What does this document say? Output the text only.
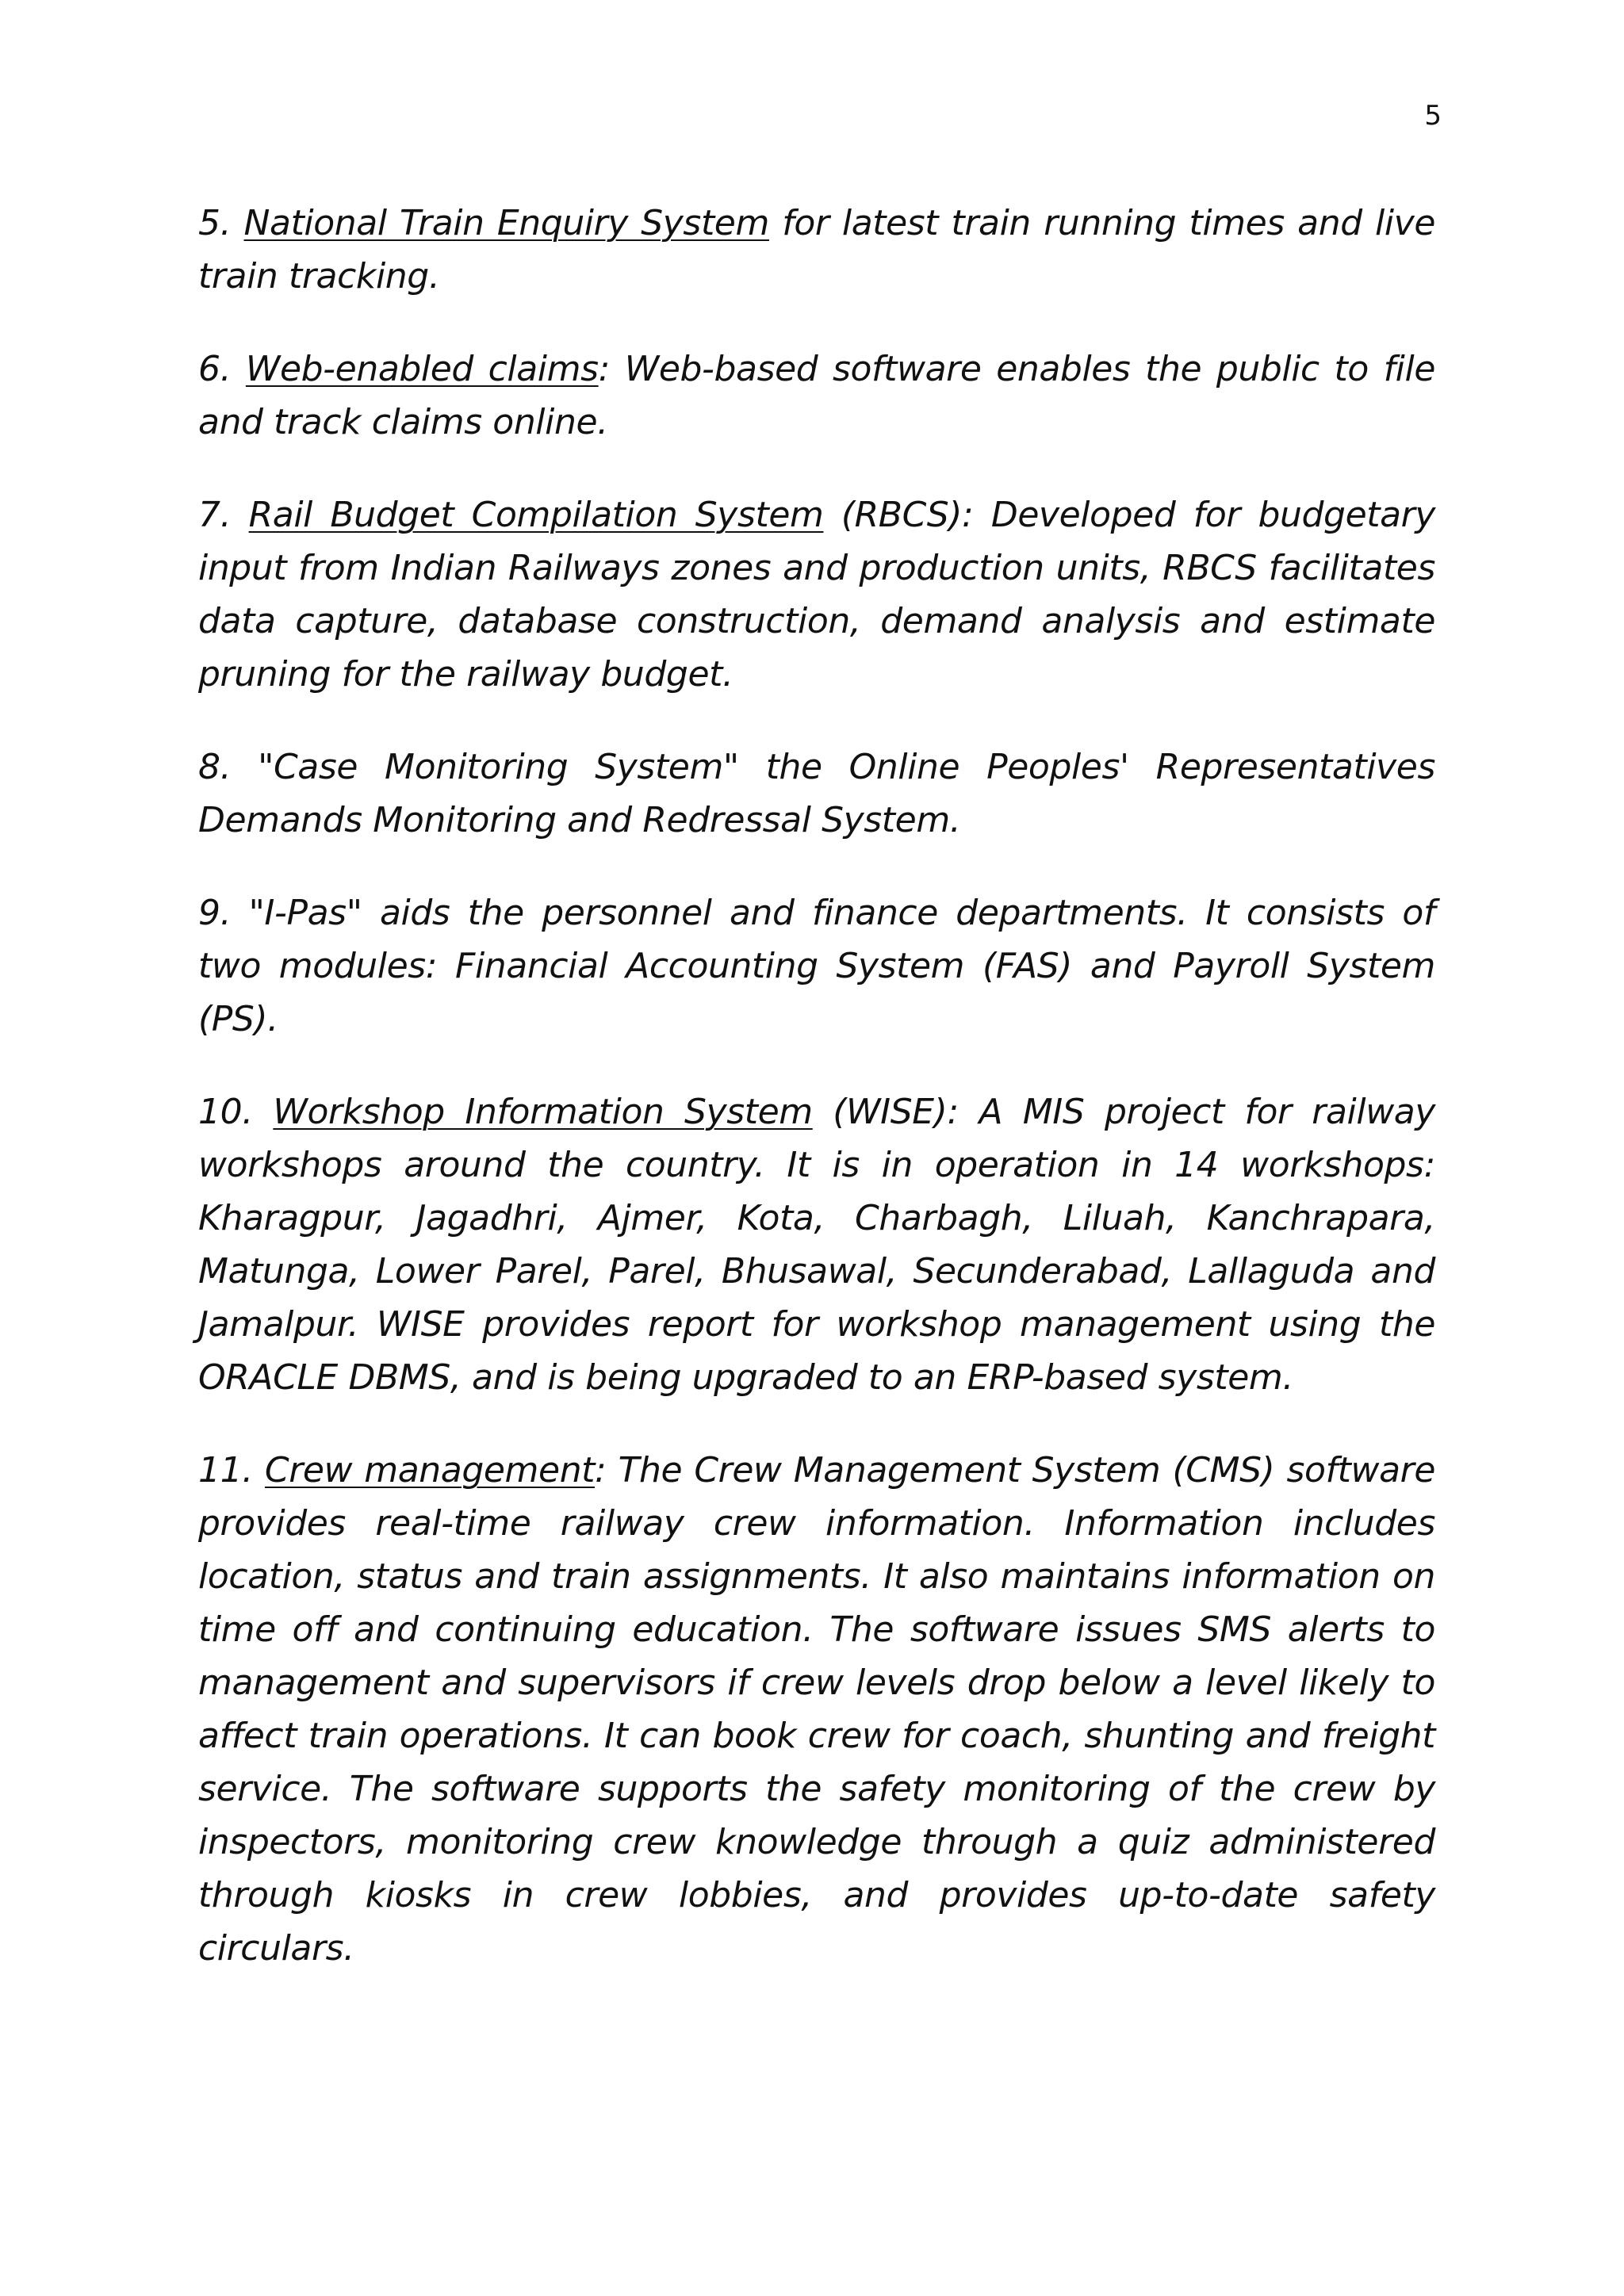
5

5. National Train Enquiry System for latest train running times and live train tracking.

6. Web-enabled claims: Web-based software enables the public to file and track claims online.

7. Rail Budget Compilation System (RBCS): Developed for budgetary input from Indian Railways zones and production units, RBCS facilitates data capture, database construction, demand analysis and estimate pruning for the railway budget.

8. "Case Monitoring System" the Online Peoples' Representatives Demands Monitoring and Redressal System.

9. "I-Pas" aids the personnel and finance departments. It consists of two modules: Financial Accounting System (FAS) and Payroll System (PS).

10. Workshop Information System (WISE): A MIS project for railway workshops around the country. It is in operation in 14 workshops: Kharagpur, Jagadhri, Ajmer, Kota, Charbagh, Liluah, Kanchrapara, Matunga, Lower Parel, Parel, Bhusawal, Secunderabad, Lallaguda and Jamalpur. WISE provides report for workshop management using the ORACLE DBMS, and is being upgraded to an ERP-based system.

11. Crew management: The Crew Management System (CMS) software provides real-time railway crew information. Information includes location, status and train assignments. It also maintains information on time off and continuing education. The software issues SMS alerts to management and supervisors if crew levels drop below a level likely to affect train operations. It can book crew for coach, shunting and freight service. The software supports the safety monitoring of the crew by inspectors, monitoring crew knowledge through a quiz administered through kiosks in crew lobbies, and provides up-to-date safety circulars.
